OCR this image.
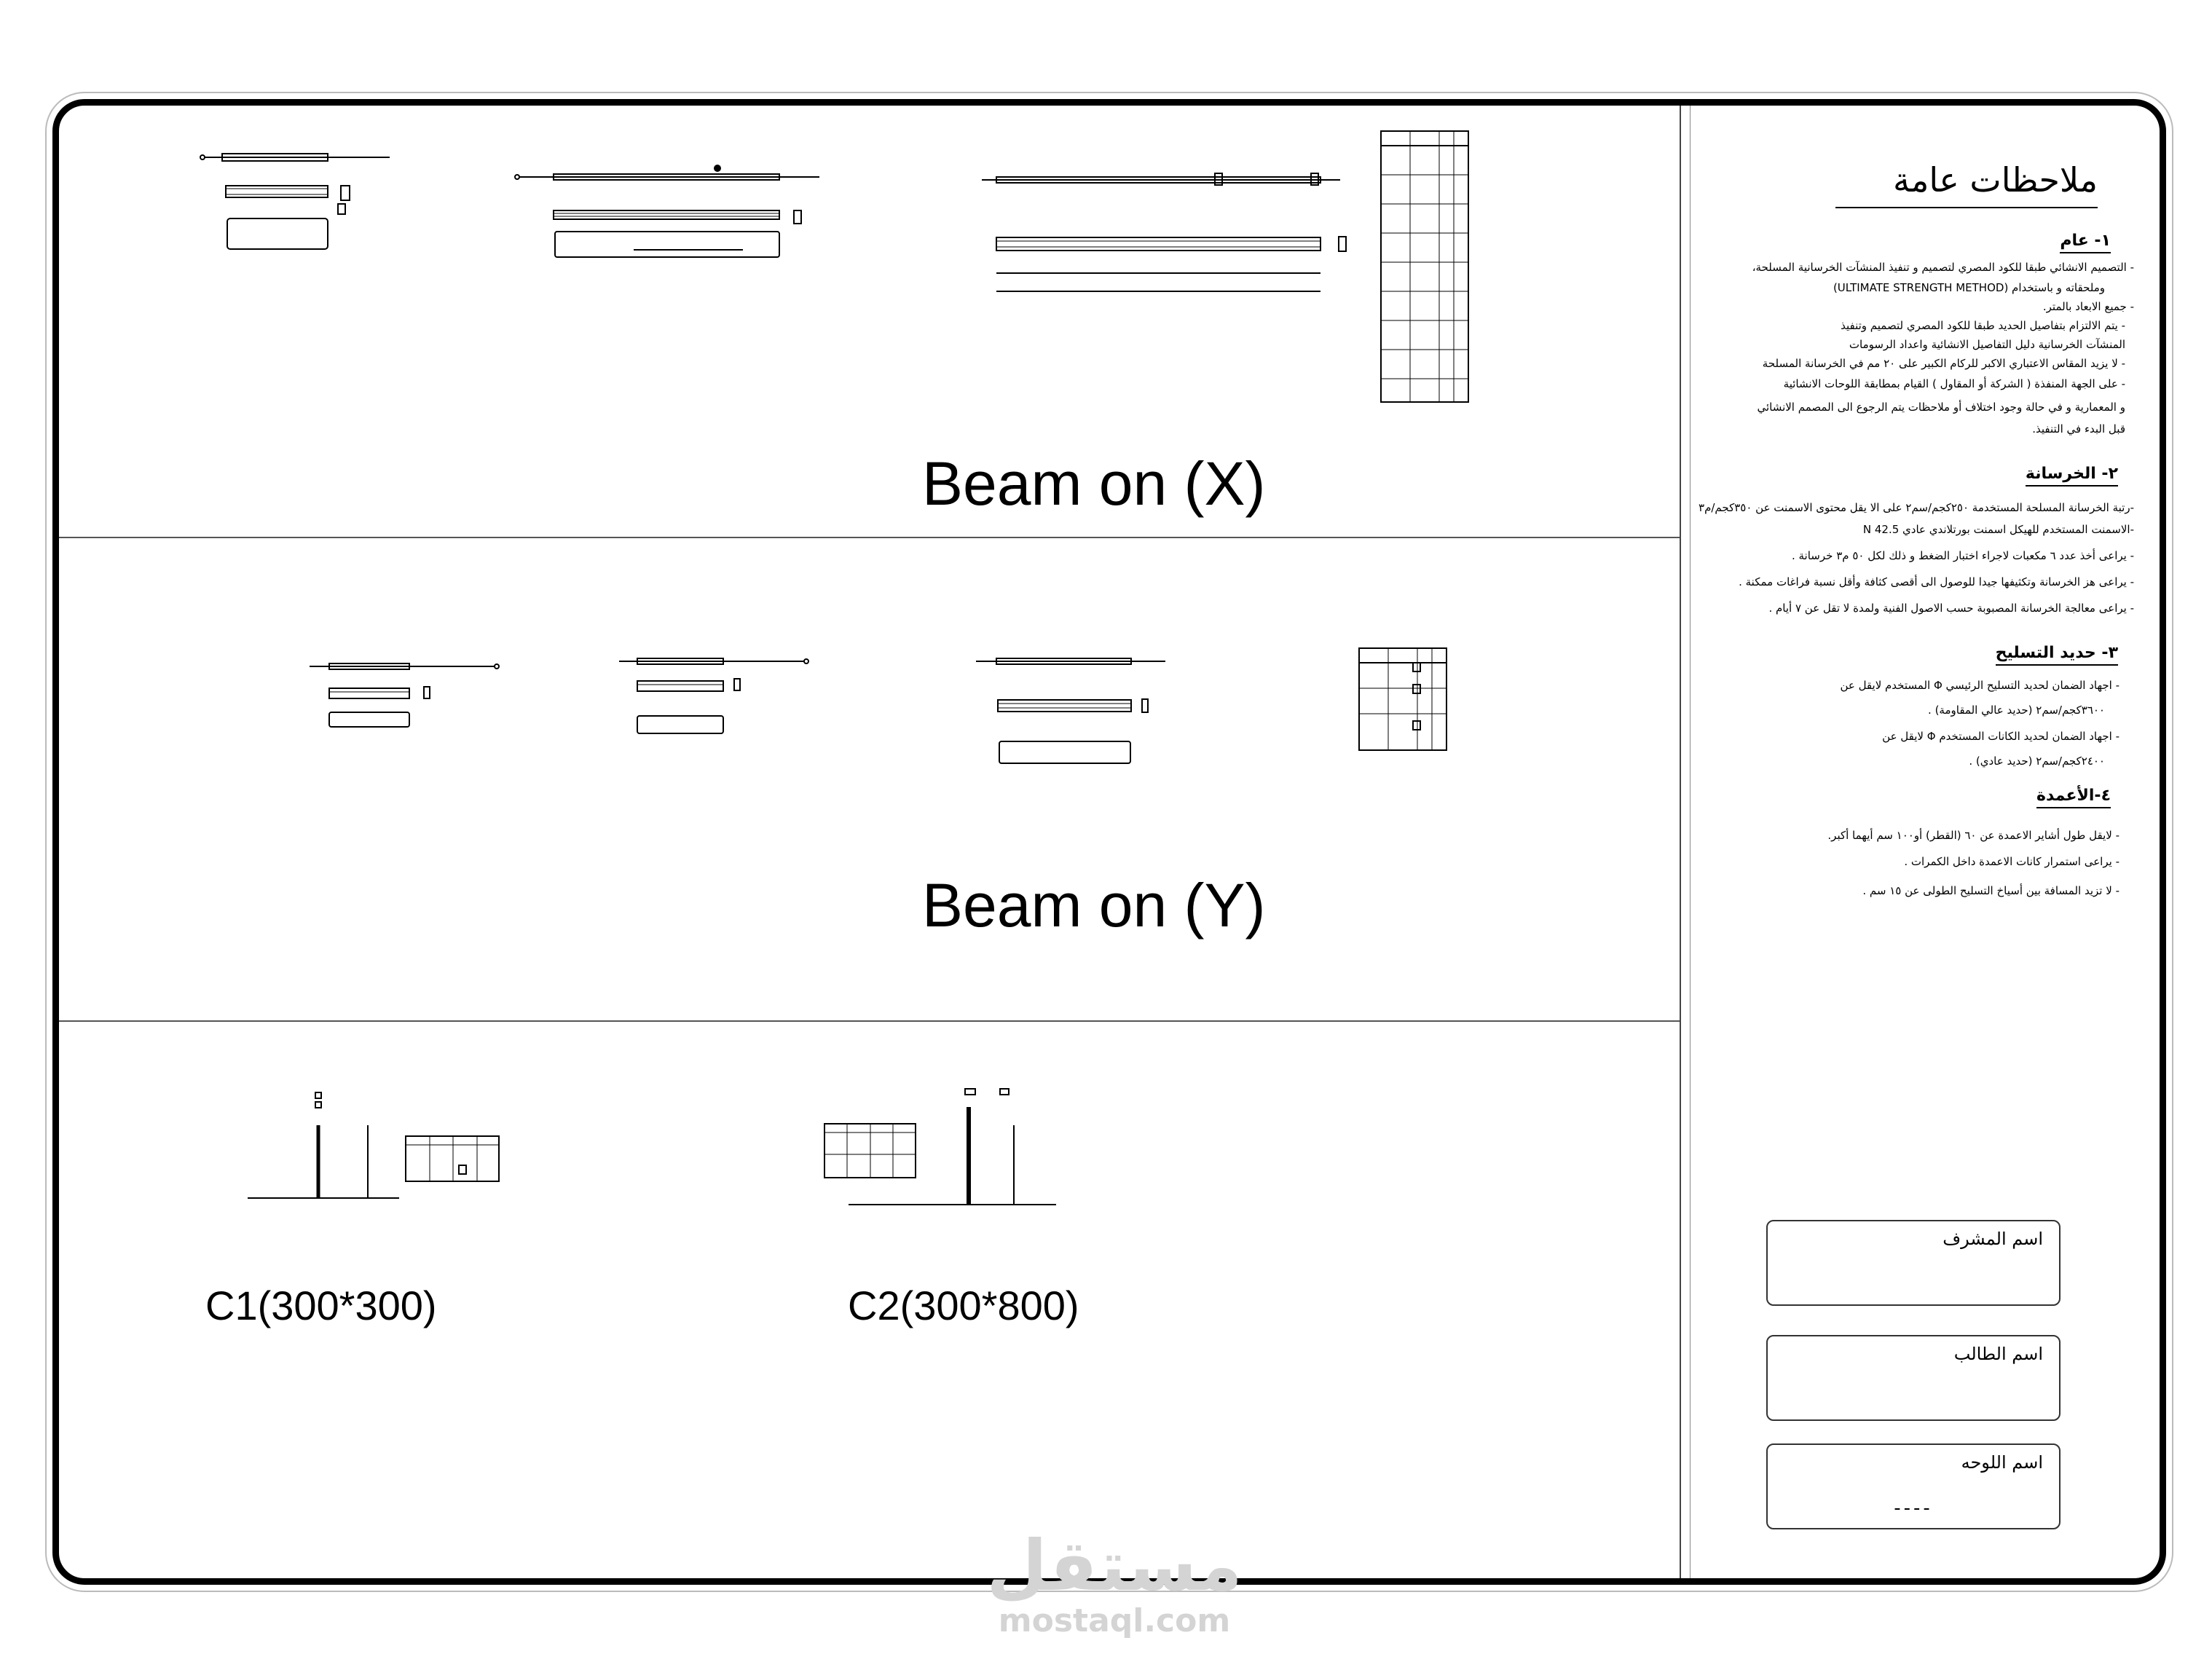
Beam on (X)
Beam on (Y)
C1(300*300)	C2(300*800)
ملاحظات عامة
١- عام
- التصميم الانشائي طبقا للكود المصري لتصميم و تنفيذ المنشآت الخرسانية المسلحة،
وملحقاته و باستخدام (ULTIMATE STRENGTH METHOD)
- جميع الابعاد بالمتر.
- يتم الالتزام بتفاصيل الحديد طبقا للكود المصري لتصميم وتنفيذ
المنشآت الخرسانية دليل التفاصيل الانشائية واعداد الرسومات
- لا يزيد المقاس الاعتباري الاكبر للركام الكبير على ٢٠ مم في الخرسانة المسلحة
- على الجهة المنفذة ( الشركة أو المقاول ) القيام بمطابقة اللوحات الانشائية
و المعمارية و في حالة وجود اختلاف أو ملاحظات يتم الرجوع الى المصمم الانشائي
قبل البدء في التنفيذ.
٢- الخرسانة
-رتبة الخرسانة المسلحة المستخدمة ٢٥٠كجم/سم٢ على الا يقل محتوى الاسمنت عن ٣٥٠كجم/م٣
-الاسمنت المستخدم للهيكل اسمنت بورتلاندي عادي N 42.5
- يراعى أخذ عدد ٦ مكعبات لاجراء اختبار الضغط و ذلك لكل ٥٠ م٣ خرسانة .
- يراعى هز الخرسانة وتكثيفها جيدا للوصول الى أقصى كثافة وأقل نسبة فراغات ممكنة .
- يراعى معالجة الخرسانة المصبوبة حسب الاصول الفنية ولمدة لا تقل عن ٧ أيام .
٣- حديد التسليح
- اجهاد الضمان لحديد التسليح الرئيسي Φ المستخدم لايقل عن
٣٦٠٠كجم/سم٢ (حديد عالي المقاومة) .
- اجهاد الضمان لحديد الكانات المستخدم Φ لايقل عن
٢٤٠٠كجم/سم٢ (حديد عادي) .
٤-الأعمدة
- لايقل طول أشاير الاعمدة عن ٦٠ (القطر) أو١٠٠ سم أيهما أكبر.
- يراعى استمرار كانات الاعمدة داخل الكمرات .
- لا تزيد المسافة بين أسياخ التسليح الطولى عن ١٥ سم .
اسم المشرف
اسم الطالب
اسم اللوحه
----
مستقل
mostaql.com
